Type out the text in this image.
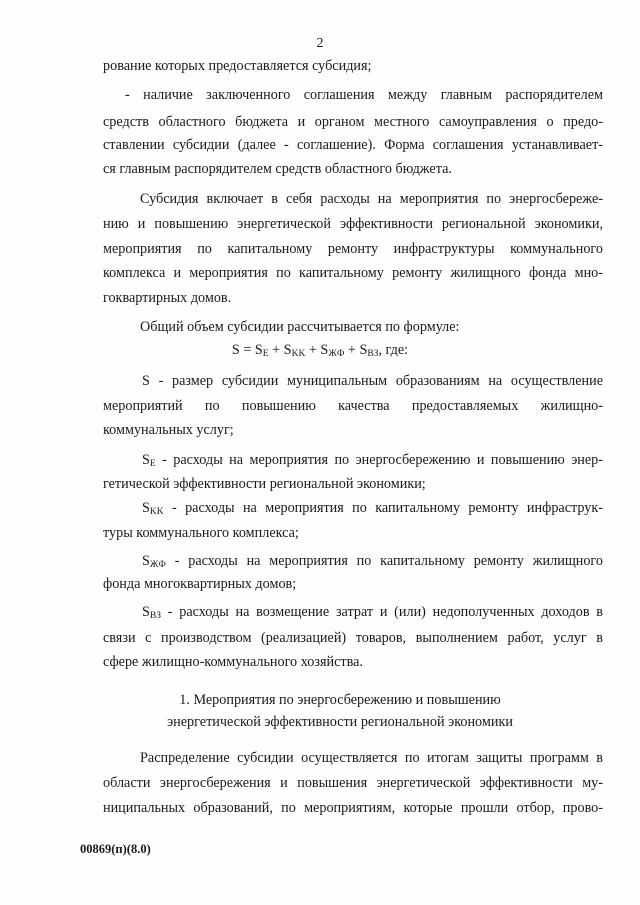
2
рование которых предоставляется субсидия;
- наличие заключенного соглашения между главным распорядителем
средств областного бюджета и органом местного самоуправления о предо-
ставлении субсидии (далее - соглашение). Форма соглашения устанавливает-
ся главным распорядителем средств областного бюджета.
Субсидия включает в себя расходы на мероприятия по энергосбереже-
нию и повышению энергетической эффективности региональной экономики,
мероприятия по капитальному ремонту инфраструктуры коммунального
комплекса и мероприятия по капитальному ремонту жилищного фонда мно-
гоквартирных домов.
Общий объем субсидии рассчитывается по формуле:
$S = S_E + S_{KK} + S_{ЖФ} + S_{ВЗ}$, где:
S - размер субсидии муниципальным образованиям на осуществление
мероприятий по повышению качества предоставляемых жилищно-
коммунальных услуг;
$S_E$ - расходы на мероприятия по энергосбережению и повышению энер-
гетической эффективности региональной экономики;
$S_{KK}$ - расходы на мероприятия по капитальному ремонту инфраструк-
туры коммунального комплекса;
$S_{ЖФ}$ - расходы на мероприятия по капитальному ремонту жилищного
фонда многоквартирных домов;
$S_{ВЗ}$ - расходы на возмещение затрат и (или) недополученных доходов в
связи с производством (реализацией) товаров, выполнением работ, услуг в
сфере жилищно-коммунального хозяйства.
1. Мероприятия по энергосбережению и повышению
энергетической эффективности региональной экономики
Распределение субсидии осуществляется по итогам защиты программ в
области энергосбережения и повышения энергетической эффективности му-
ниципальных образований, по мероприятиям, которые прошли отбор, прово-
00869(п)(8.0)
